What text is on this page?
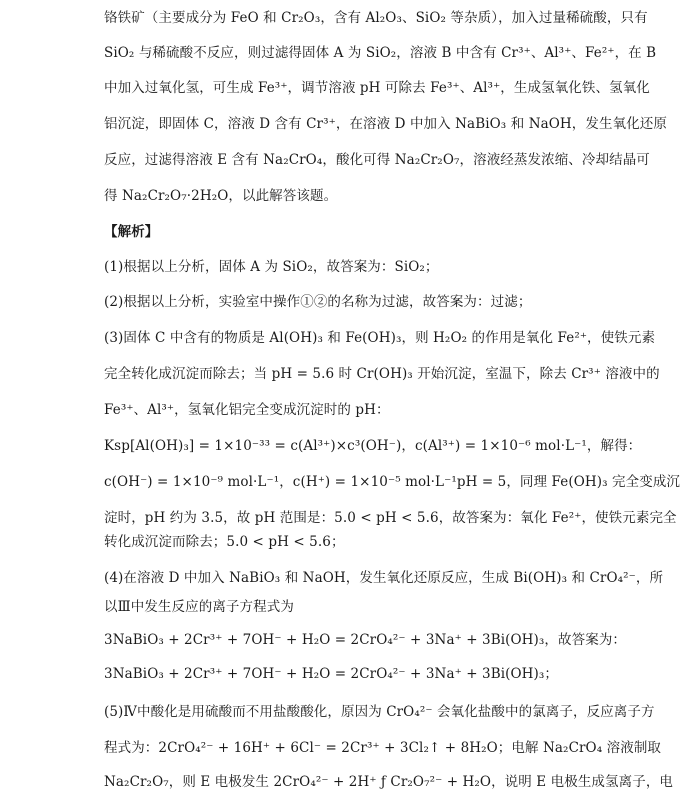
铬铁矿（主要成分为 FeO 和 Cr₂O₃，含有 Al₂O₃、SiO₂ 等杂质），加入过量稀硫酸，只有
SiO₂ 与稀硫酸不反应，则过滤得固体 A 为 SiO₂，溶液 B 中含有 Cr³⁺、Al³⁺、Fe²⁺，在 B
中加入过氧化氢，可生成 Fe³⁺，调节溶液 pH 可除去 Fe³⁺、Al³⁺，生成氢氧化铁、氢氧化
铝沉淀，即固体 C，溶液 D 含有 Cr³⁺，在溶液 D 中加入 NaBiO₃ 和 NaOH，发生氧化还原
反应，过滤得溶液 E 含有 Na₂CrO₄，酸化可得 Na₂Cr₂O₇，溶液经蒸发浓缩、冷却结晶可
得 Na₂Cr₂O₇·2H₂O，以此解答该题。
【解析】
(1)根据以上分析，固体 A 为 SiO₂，故答案为：SiO₂；
(2)根据以上分析，实验室中操作①②的名称为过滤，故答案为：过滤；
(3)固体 C 中含有的物质是 Al(OH)₃ 和 Fe(OH)₃，则 H₂O₂ 的作用是氧化 Fe²⁺，使铁元素
完全转化成沉淀而除去；当 pH = 5.6 时 Cr(OH)₃ 开始沉淀，室温下，除去 Cr³⁺ 溶液中的
Fe³⁺、Al³⁺，氢氧化铝完全变成沉淀时的 pH：
Ksp[Al(OH)₃] = 1×10⁻³³ = c(Al³⁺)×c³(OH⁻)，c(Al³⁺) = 1×10⁻⁶ mol·L⁻¹，解得：
c(OH⁻) = 1×10⁻⁹ mol·L⁻¹，c(H⁺) = 1×10⁻⁵ mol·L⁻¹pH = 5，同理 Fe(OH)₃ 完全变成沉
淀时，pH 约为 3.5，故 pH 范围是：5.0 < pH < 5.6，故答案为：氧化 Fe²⁺，使铁元素完全
转化成沉淀而除去；5.0 < pH < 5.6；
(4)在溶液 D 中加入 NaBiO₃ 和 NaOH，发生氧化还原反应，生成 Bi(OH)₃ 和 CrO₄²⁻，所
以Ⅲ中发生反应的离子方程式为
3NaBiO₃ + 2Cr³⁺ + 7OH⁻ + H₂O = 2CrO₄²⁻ + 3Na⁺ + 3Bi(OH)₃，故答案为：
3NaBiO₃ + 2Cr³⁺ + 7OH⁻ + H₂O = 2CrO₄²⁻ + 3Na⁺ + 3Bi(OH)₃；
(5)Ⅳ中酸化是用硫酸而不用盐酸酸化，原因为 CrO₄²⁻ 会氧化盐酸中的氯离子，反应离子方
程式为：2CrO₄²⁻ + 16H⁺ + 6Cl⁻ = 2Cr³⁺ + 3Cl₂↑ + 8H₂O；电解 Na₂CrO₄ 溶液制取
Na₂Cr₂O₇，则 E 电极发生 2CrO₄²⁻ + 2H⁺ ƒ Cr₂O₇²⁻ + H₂O，说明 E 电极生成氢离子，电
